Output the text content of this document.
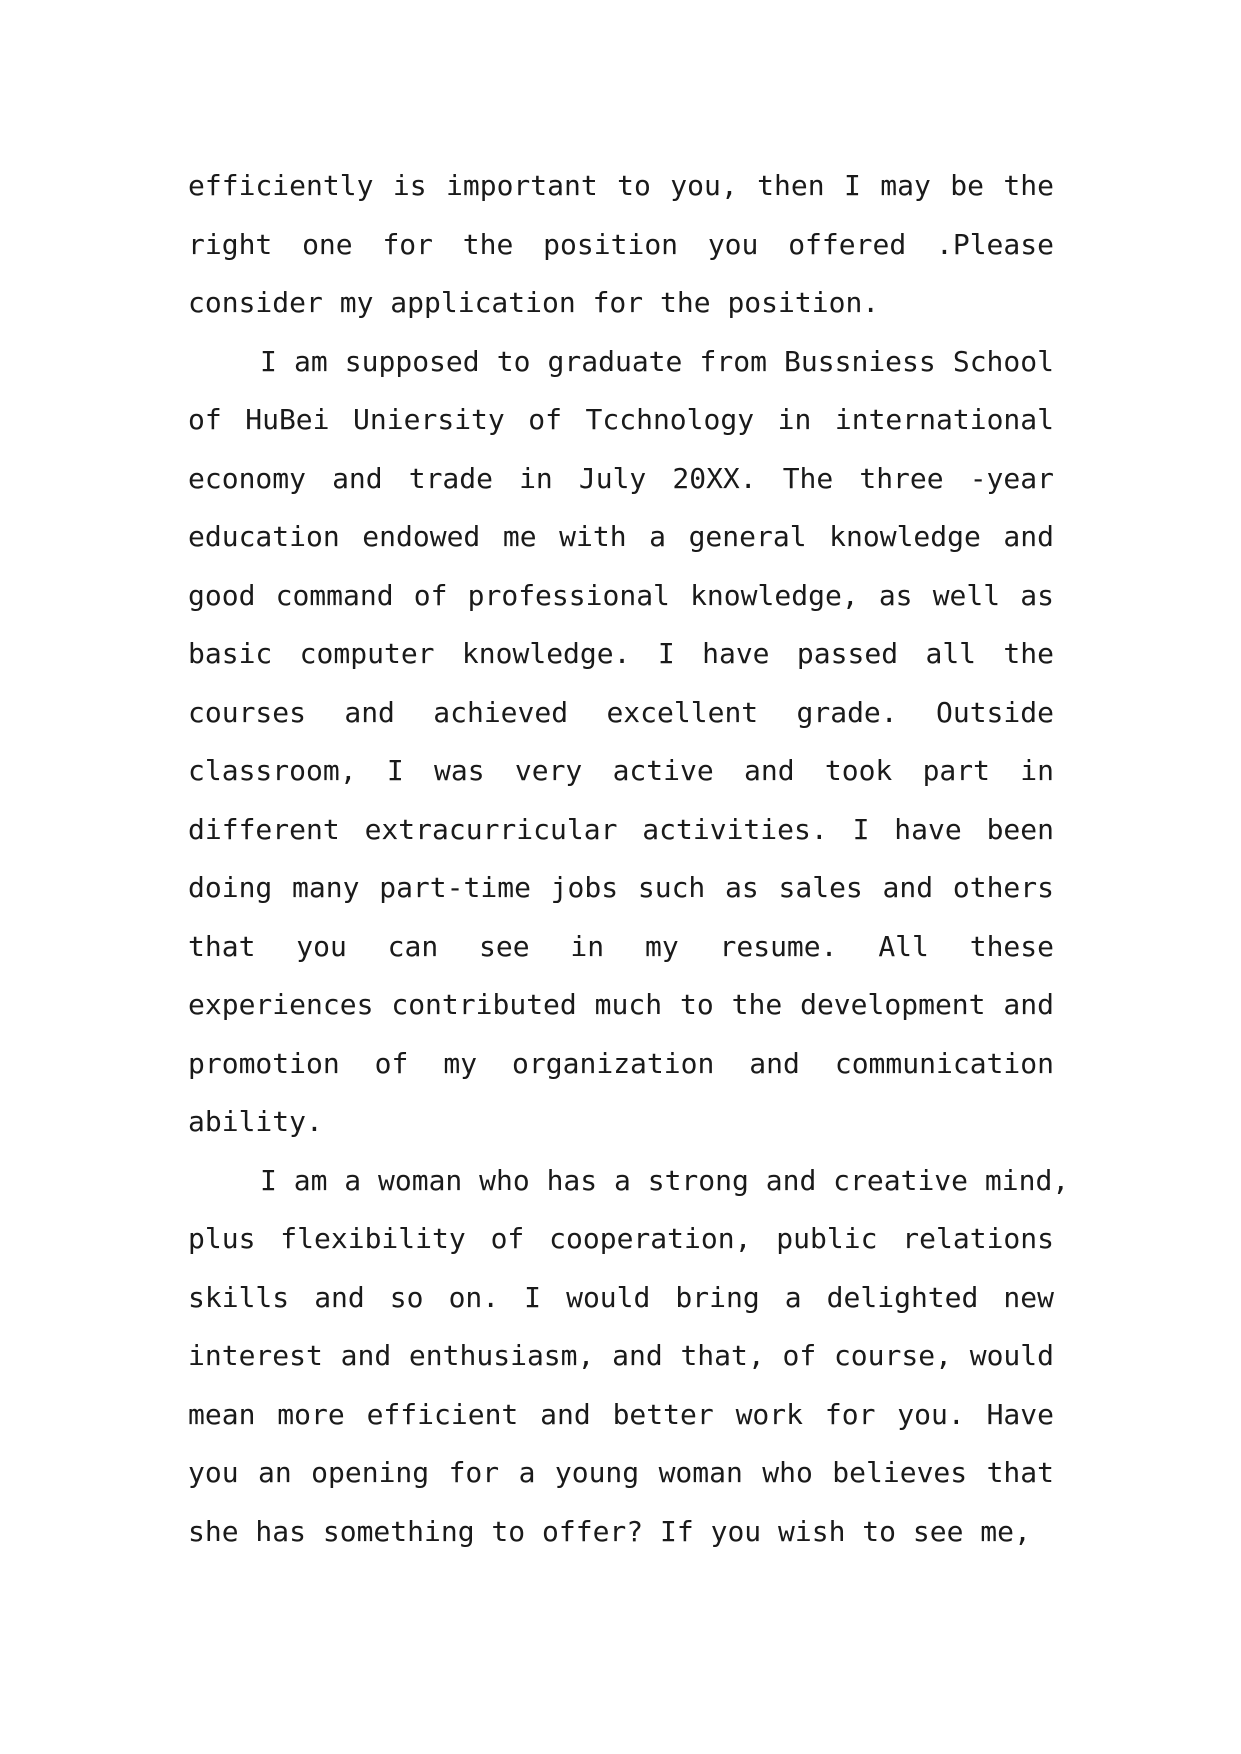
efficiently is important to you, then I may be the
right one for the position you offered .Please
consider my application for the position.
I am supposed to graduate from Bussniess School
of HuBei Uniersity of Tcchnology in international
economy and trade in July 20XX. The three -year
education endowed me with a general knowledge and
good command of professional knowledge, as well as
basic computer knowledge. I have passed all the
courses and achieved excellent grade. Outside
classroom, I was very active and took part in
different extracurricular activities. I have been
doing many part-time jobs such as sales and others
that you can see in my resume. All these
experiences contributed much to the development and
promotion of my organization and communication
ability.
I am a woman who has a strong and creative mind,
plus flexibility of cooperation, public relations
skills and so on. I would bring a delighted new
interest and enthusiasm, and that, of course, would
mean more efficient and better work for you. Have
you an opening for a young woman who believes that
she has something to offer? If you wish to see me,
